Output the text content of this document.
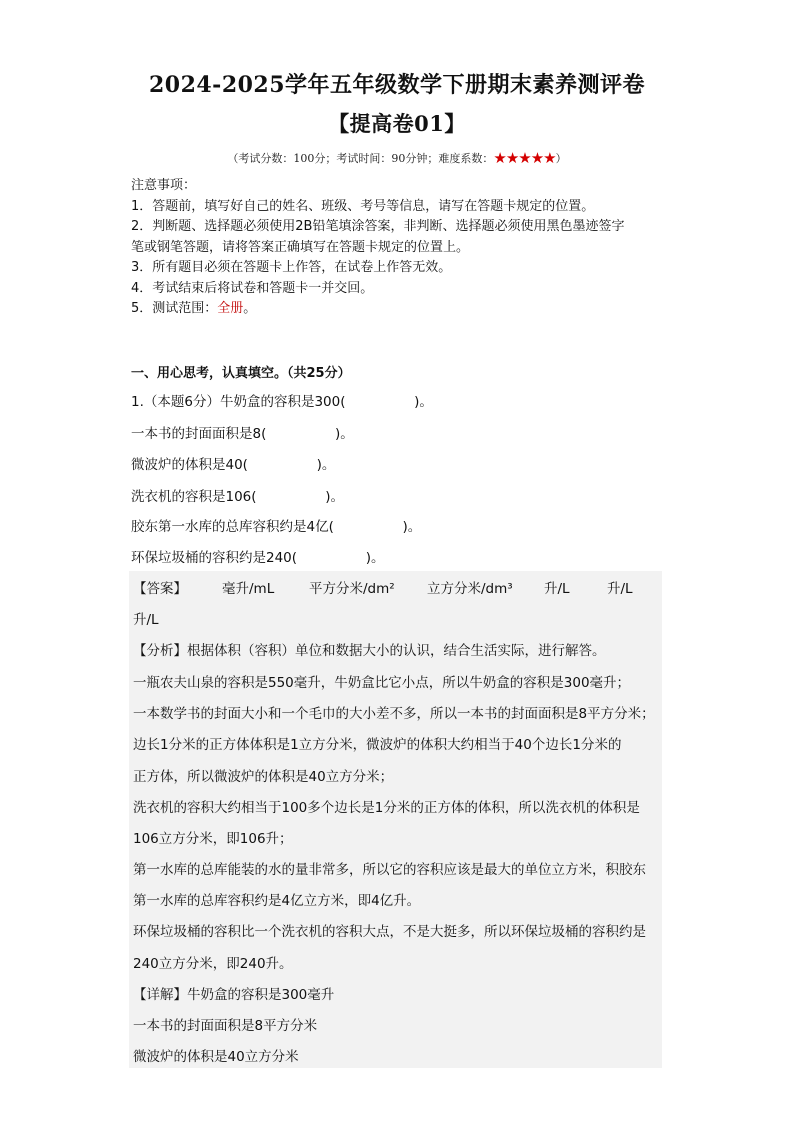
2024-2025学年五年级数学下册期末素养测评卷
【提高卷01】
（考试分数：100分；考试时间：90分钟；难度系数：★★★★★）
注意事项：
1．答题前，填写好自己的姓名、班级、考号等信息，请写在答题卡规定的位置。
2．判断题、选择题必须使用2B铅笔填涂答案，非判断、选择题必须使用黑色墨迹签字
笔或钢笔答题，请将答案正确填写在答题卡规定的位置上。
3．所有题目必须在答题卡上作答，在试卷上作答无效。
4．考试结束后将试卷和答题卡一并交回。
5．测试范围：全册。
一、用心思考，认真填空。（共25分）
1.（本题6分）牛奶盒的容积是300(                )。
一本书的封面面积是8(                )。
微波炉的体积是40(                )。
洗衣机的容积是106(                )。
胶东第一水库的总库容积约是4亿(                )。
环保垃圾桶的容积约是240(                )。
【答案】	毫升/mL	平方分米/dm² 立方分米/dm³ 升/L	升/L
升/L
【分析】根据体积（容积）单位和数据大小的认识，结合生活实际，进行解答。
一瓶农夫山泉的容积是550毫升，牛奶盒比它小点，所以牛奶盒的容积是300毫升；
一本数学书的封面大小和一个毛巾的大小差不多，所以一本书的封面面积是8平方分米；
边长1分米的正方体体积是1立方分米，微波炉的体积大约相当于40个边长1分米的
正方体，所以微波炉的体积是40立方分米；
洗衣机的容积大约相当于100多个边长是1分米的正方体的体积，所以洗衣机的体积是
106立方分米，即106升；
第一水库的总库能装的水的量非常多，所以它的容积应该是最大的单位立方米，积胶东
第一水库的总库容积约是4亿立方米，即4亿升。
环保垃圾桶的容积比一个洗衣机的容积大点，不是大挺多，所以环保垃圾桶的容积约是
240立方分米，即240升。
【详解】牛奶盒的容积是300毫升
一本书的封面面积是8平方分米
微波炉的体积是40立方分米
